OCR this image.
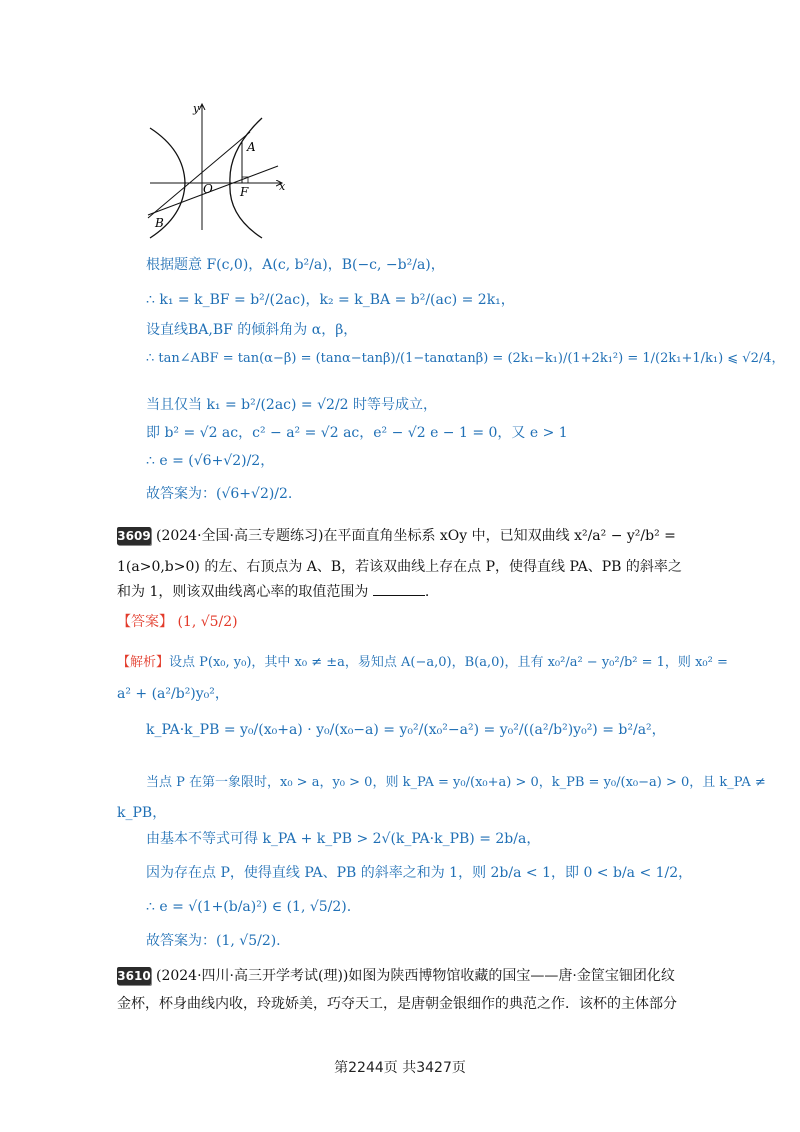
y
x
O
A
F
B
根据题意 F(c,0)，A(c, b²/a)，B(−c, −b²/a)，
∴ k₁ = k_BF = b²/(2ac)，k₂ = k_BA = b²/(ac) = 2k₁，
设直线BA,BF 的倾斜角为 α，β，
∴ tan∠ABF = tan(α−β) = (tanα−tanβ)/(1−tanαtanβ) = (2k₁−k₁)/(1+2k₁²) = 1/(2k₁+1/k₁) ⩽ √2/4，
当且仅当 k₁ = b²/(2ac) = √2/2 时等号成立，
即 b² = √2 ac，c² − a² = √2 ac，e² − √2 e − 1 = 0，又 e > 1
∴ e = (√6+√2)/2，
故答案为：(√6+√2)/2.
3609 (2024·全国·高三专题练习)在平面直角坐标系 xOy 中，已知双曲线 x²/a² − y²/b² =
1(a>0,b>0) 的左、右顶点为 A、B，若该双曲线上存在点 P，使得直线 PA、PB 的斜率之
和为 1，则该双曲线离心率的取值范围为	.
【答案】 (1, √5/2)
【解析】设点 P(x₀, y₀)，其中 x₀ ≠ ±a，易知点 A(−a,0)，B(a,0)，且有 x₀²/a² − y₀²/b² = 1，则 x₀² =
a² + (a²/b²)y₀²，
k_PA·k_PB = y₀/(x₀+a) · y₀/(x₀−a) = y₀²/(x₀²−a²) = y₀²/((a²/b²)y₀²) = b²/a²，
当点 P 在第一象限时，x₀ > a，y₀ > 0，则 k_PA = y₀/(x₀+a) > 0，k_PB = y₀/(x₀−a) > 0，且 k_PA ≠
k_PB，
由基本不等式可得 k_PA + k_PB > 2√(k_PA·k_PB) = 2b/a，
因为存在点 P，使得直线 PA、PB 的斜率之和为 1，则 2b/a < 1，即 0 < b/a < 1/2，
∴ e = √(1+(b/a)²) ∈ (1, √5/2).
故答案为：(1, √5/2).
3610 (2024·四川·高三开学考试(理))如图为陕西博物馆收藏的国宝——唐·金筐宝钿团化纹
金杯，杯身曲线内收，玲珑娇美，巧夺天工，是唐朝金银细作的典范之作．该杯的主体部分
第2244页 共3427页
